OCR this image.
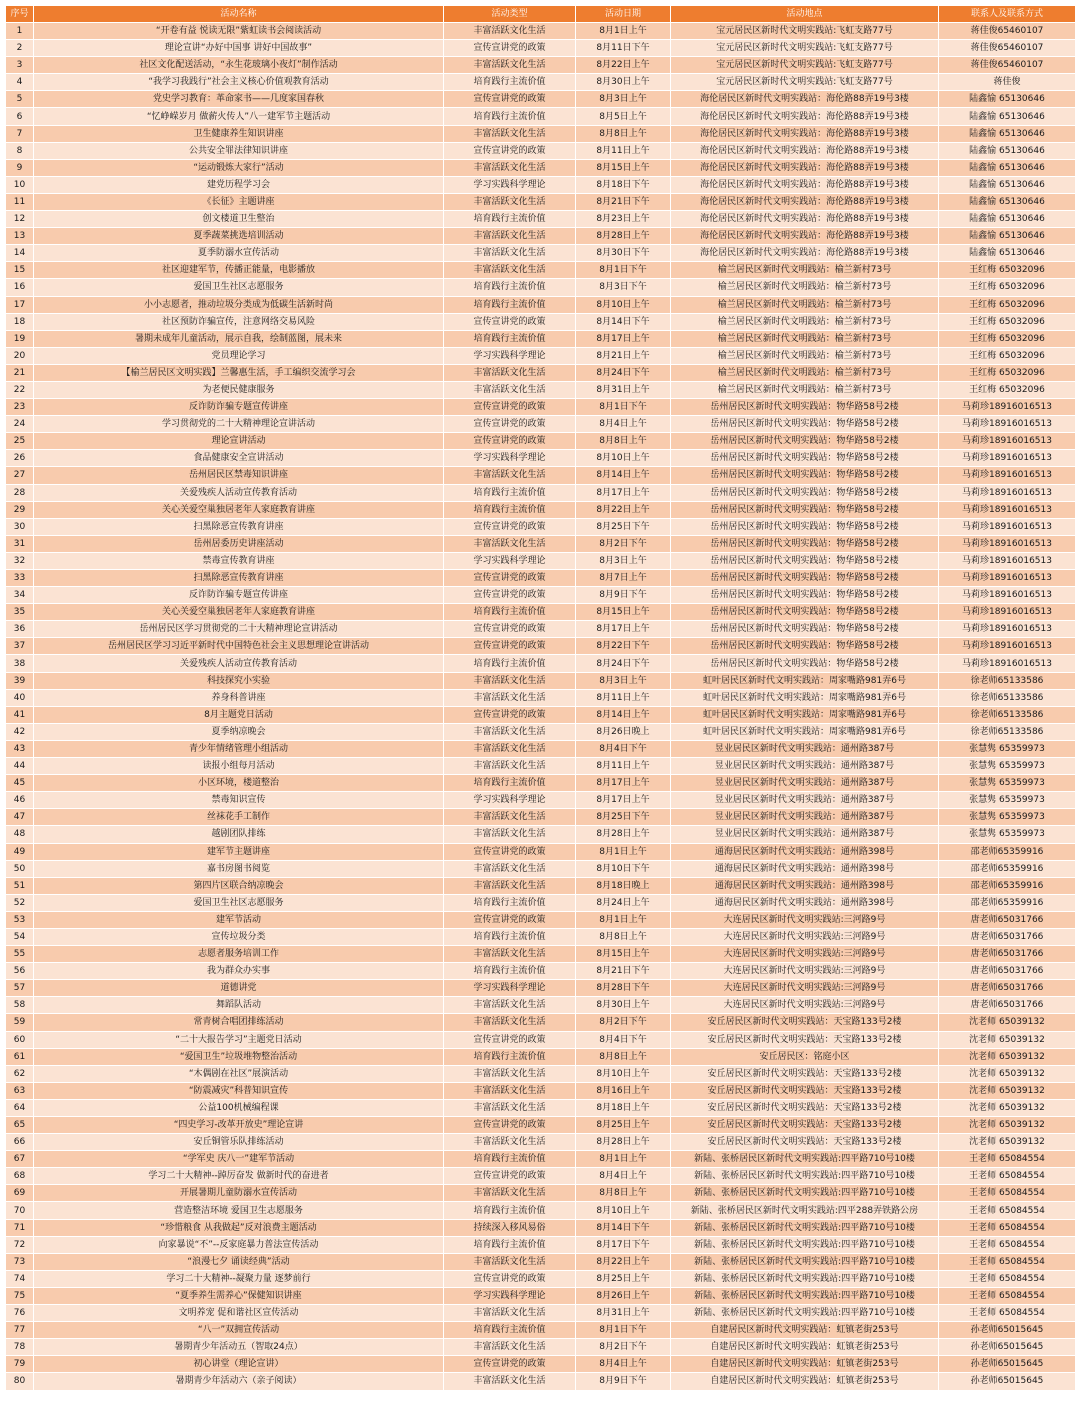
序号	活动名称	活动类型	活动日期	活动地点	联系人及联系方式
1	“开卷有益 悦读无限”紫虹读书会阅读活动	丰富活跃文化生活	8月1日上午	宝元居民区新时代文明实践站:飞虹支路77号	蒋佳俊65460107
2	理论宣讲“办好中国事 讲好中国故事”	宣传宣讲党的政策	8月11日下午	宝元居民区新时代文明实践站:飞虹支路77号	蒋佳俊65460107
3	社区文化配送活动，“永生花玻璃小夜灯”制作活动	丰富活跃文化生活	8月22日上午	宝元居民区新时代文明实践站:飞虹支路77号	蒋佳俊65460107
4	“我学习我践行”社会主义核心价值观教育活动	培育践行主流价值	8月30日上午	宝元居民区新时代文明实践站:飞虹支路77号	蒋佳俊
5	党史学习教育：革命家书——几度家国春秋	宣传宣讲党的政策	8月3日上午	海伦居民区新时代文明实践站：海伦路88弄19号3楼	陆鑫愉 65130646
6	“忆峥嵘岁月 做薪火传人”八一建军节主题活动	培育践行主流价值	8月5日上午	海伦居民区新时代文明实践站：海伦路88弄19号3楼	陆鑫愉 65130646
7	卫生健康养生知识讲座	丰富活跃文化生活	8月8日上午	海伦居民区新时代文明实践站：海伦路88弄19号3楼	陆鑫愉 65130646
8	公共安全罪法律知识讲座	宣传宣讲党的政策	8月11日上午	海伦居民区新时代文明实践站：海伦路88弄19号3楼	陆鑫愉 65130646
9	“运动锻炼大家行”活动	丰富活跃文化生活	8月15日上午	海伦居民区新时代文明实践站：海伦路88弄19号3楼	陆鑫愉 65130646
10	建党历程学习会	学习实践科学理论	8月18日下午	海伦居民区新时代文明实践站：海伦路88弄19号3楼	陆鑫愉 65130646
11	《长征》主题讲座	丰富活跃文化生活	8月21日下午	海伦居民区新时代文明实践站：海伦路88弄19号3楼	陆鑫愉 65130646
12	创文楼道卫生整治	培育践行主流价值	8月23日上午	海伦居民区新时代文明实践站：海伦路88弄19号3楼	陆鑫愉 65130646
13	夏季蔬菜挑选培训活动	丰富活跃文化生活	8月28日上午	海伦居民区新时代文明实践站：海伦路88弄19号3楼	陆鑫愉 65130646
14	夏季防溺水宣传活动	丰富活跃文化生活	8月30日下午	海伦居民区新时代文明实践站：海伦路88弄19号3楼	陆鑫愉 65130646
15	社区迎建军节，传播正能量，电影播放	丰富活跃文化生活	8月1日下午	榆兰居民区新时代文明践站：榆兰新村73号	王红梅 65032096
16	爱国卫生社区志愿服务	培育践行主流价值	8月3日下午	榆兰居民区新时代文明践站：榆兰新村73号	王红梅 65032096
17	小小志愿者，推动垃圾分类成为低碳生活新时尚	培育践行主流价值	8月10日上午	榆兰居民区新时代文明践站：榆兰新村73号	王红梅 65032096
18	社区预防诈骗宣传，注意网络交易风险	宣传宣讲党的政策	8月14日下午	榆兰居民区新时代文明践站：榆兰新村73号	王红梅 65032096
19	暑期未成年儿童活动，展示自我，绘制蓝图，展未来	培育践行主流价值	8月17日上午	榆兰居民区新时代文明践站：榆兰新村73号	王红梅 65032096
20	党员理论学习	学习实践科学理论	8月21日上午	榆兰居民区新时代文明践站：榆兰新村73号	王红梅 65032096
21	【榆兰居民区文明实践】兰馨惠生活，手工编织交流学习会	丰富活跃文化生活	8月24日下午	榆兰居民区新时代文明践站：榆兰新村73号	王红梅 65032096
22	为老便民健康服务	丰富活跃文化生活	8月31日上午	榆兰居民区新时代文明践站：榆兰新村73号	王红梅 65032096
23	反诈防诈骗专题宣传讲座	宣传宣讲党的政策	8月1日下午	岳州居民区新时代文明实践站：物华路58号2楼	马莉珍18916016513
24	学习贯彻党的二十大精神理论宣讲活动	宣传宣讲党的政策	8月4日上午	岳州居民区新时代文明实践站：物华路58号2楼	马莉珍18916016513
25	理论宣讲活动	宣传宣讲党的政策	8月8日上午	岳州居民区新时代文明实践站：物华路58号2楼	马莉珍18916016513
26	食品健康安全宣讲活动	学习实践科学理论	8月10日上午	岳州居民区新时代文明实践站：物华路58号2楼	马莉珍18916016513
27	岳州居民区禁毒知识讲座	丰富活跃文化生活	8月14日上午	岳州居民区新时代文明实践站：物华路58号2楼	马莉珍18916016513
28	关爱残疾人活动宣传教育活动	培育践行主流价值	8月17日上午	岳州居民区新时代文明实践站：物华路58号2楼	马莉珍18916016513
29	关心关爱空巢独居老年人家庭教育讲座	培育践行主流价值	8月22日上午	岳州居民区新时代文明实践站：物华路58号2楼	马莉珍18916016513
30	扫黑除恶宣传教育讲座	宣传宣讲党的政策	8月25日下午	岳州居民区新时代文明实践站：物华路58号2楼	马莉珍18916016513
31	岳州居委历史讲座活动	丰富活跃文化生活	8月2日下午	岳州居民区新时代文明实践站：物华路58号2楼	马莉珍18916016513
32	禁毒宣传教育讲座	学习实践科学理论	8月3日上午	岳州居民区新时代文明实践站：物华路58号2楼	马莉珍18916016513
33	扫黑除恶宣传教育讲座	宣传宣讲党的政策	8月7日上午	岳州居民区新时代文明实践站：物华路58号2楼	马莉珍18916016513
34	反诈防诈骗专题宣传讲座	宣传宣讲党的政策	8月9日下午	岳州居民区新时代文明实践站：物华路58号2楼	马莉珍18916016513
35	关心关爱空巢独居老年人家庭教育讲座	培育践行主流价值	8月15日上午	岳州居民区新时代文明实践站：物华路58号2楼	马莉珍18916016513
36	岳州居民区学习贯彻党的二十大精神理论宣讲活动	宣传宣讲党的政策	8月17日上午	岳州居民区新时代文明实践站：物华路58号2楼	马莉珍18916016513
37	岳州居民区学习习近平新时代中国特色社会主义思想理论宣讲活动	宣传宣讲党的政策	8月22日下午	岳州居民区新时代文明实践站：物华路58号2楼	马莉珍18916016513
38	关爱残疾人活动宣传教育活动	培育践行主流价值	8月24日下午	岳州居民区新时代文明实践站：物华路58号2楼	马莉珍18916016513
39	科技探究小实验	丰富活跃文化生活	8月3日上午	虹叶居民区新时代文明实践站：周家嘴路981弄6号	徐老师65133586
40	养身科普讲座	丰富活跃文化生活	8月11日上午	虹叶居民区新时代文明实践站：周家嘴路981弄6号	徐老师65133586
41	8月主题党日活动	宣传宣讲党的政策	8月14日上午	虹叶居民区新时代文明实践站：周家嘴路981弄6号	徐老师65133586
42	夏季纳凉晚会	丰富活跃文化生活	8月26日晚上	虹叶居民区新时代文明实践站：周家嘴路981弄6号	徐老师65133586
43	青少年情绪管理小组活动	丰富活跃文化生活	8月4日下午	昱业居民区新时代文明实践站：通州路387号	张慧隽 65359973
44	读报小组每月活动	丰富活跃文化生活	8月11日上午	昱业居民区新时代文明实践站：通州路387号	张慧隽 65359973
45	小区环境，楼道整治	培育践行主流价值	8月17日上午	昱业居民区新时代文明实践站：通州路387号	张慧隽 65359973
46	禁毒知识宣传	学习实践科学理论	8月17日上午	昱业居民区新时代文明实践站：通州路387号	张慧隽 65359973
47	丝袜花手工制作	丰富活跃文化生活	8月25日下午	昱业居民区新时代文明实践站：通州路387号	张慧隽 65359973
48	越剧团队排练	丰富活跃文化生活	8月28日上午	昱业居民区新时代文明实践站：通州路387号	张慧隽 65359973
49	建军节主题讲座	宣传宣讲党的政策	8月1日上午	通海居民区新时代文明实践站：通州路398号	邵老师65359916
50	嘉书房图书阅览	丰富活跃文化生活	8月10日下午	通海居民区新时代文明实践站：通州路398号	邵老师65359916
51	第四片区联合纳凉晚会	丰富活跃文化生活	8月18日晚上	通海居民区新时代文明实践站：通州路398号	邵老师65359916
52	爱国卫生社区志愿服务	培育践行主流价值	8月24日上午	通海居民区新时代文明实践站：通州路398号	邵老师65359916
53	建军节活动	宣传宣讲党的政策	8月1日上午	大连居民区新时代文明实践站:三河路9号	唐老师65031766
54	宣传垃圾分类	培育践行主流价值	8月8日上午	大连居民区新时代文明实践站:三河路9号	唐老师65031766
55	志愿者服务培训工作	丰富活跃文化生活	8月15日上午	大连居民区新时代文明实践站:三河路9号	唐老师65031766
56	我为群众办实事	培育践行主流价值	8月21日下午	大连居民区新时代文明实践站:三河路9号	唐老师65031766
57	道德讲党	学习实践科学理论	8月28日下午	大连居民区新时代文明实践站:三河路9号	唐老师65031766
58	舞蹈队活动	丰富活跃文化生活	8月30日上午	大连居民区新时代文明实践站:三河路9号	唐老师65031766
59	常青树合唱团排练活动	丰富活跃文化生活	8月2日下午	安丘居民区新时代文明实践站：天宝路133号2楼	沈老师 65039132
60	“二十大报告学习”主题党日活动	宣传宣讲党的政策	8月4日下午	安丘居民区新时代文明实践站：天宝路133号2楼	沈老师 65039132
61	“爱国卫生”垃圾堆物整治活动	培育践行主流价值	8月8日上午	安丘居民区：铭庭小区	沈老师 65039132
62	“木偶剧在社区”展演活动	丰富活跃文化生活	8月10日上午	安丘居民区新时代文明实践站：天宝路133号2楼	沈老师 65039132
63	“防震减灾”科普知识宣传	丰富活跃文化生活	8月16日上午	安丘居民区新时代文明实践站：天宝路133号2楼	沈老师 65039132
64	公益100机械编程课	丰富活跃文化生活	8月18日上午	安丘居民区新时代文明实践站：天宝路133号2楼	沈老师 65039132
65	“四史学习-改革开放史”理论宣讲	宣传宣讲党的政策	8月25日上午	安丘居民区新时代文明实践站：天宝路133号2楼	沈老师 65039132
66	安丘铜管乐队排练活动	丰富活跃文化生活	8月28日上午	安丘居民区新时代文明实践站：天宝路133号2楼	沈老师 65039132
67	“学军史 庆八一”建军节活动	培育践行主流价值	8月1日上午	新陆、张桥居民区新时代文明实践站:四平路710号10楼	王老师 65084554
68	学习二十大精神--踔厉奋发 做新时代的奋进者	宣传宣讲党的政策	8月4日上午	新陆、张桥居民区新时代文明实践站:四平路710号10楼	王老师 65084554
69	开展暑期儿童防溺水宣传活动	丰富活跃文化生活	8月8日上午	新陆、张桥居民区新时代文明实践站:四平路710号10楼	王老师 65084554
70	营造整洁环境 爱国卫生志愿服务	培育践行主流价值	8月10日上午	新陆、张桥居民区新时代文明实践站:四平288弄铁路公房	王老师 65084554
71	“珍惜粮食 从我做起”反对浪费主题活动	持续深入移风易俗	8月14日下午	新陆、张桥居民区新时代文明实践站:四平路710号10楼	王老师 65084554
72	向家暴说“不”--反家庭暴力普法宣传活动	培育践行主流价值	8月17日下午	新陆、张桥居民区新时代文明实践站:四平路710号10楼	王老师 65084554
73	“浪漫七夕 诵读经典”活动	丰富活跃文化生活	8月22日上午	新陆、张桥居民区新时代文明实践站:四平路710号10楼	王老师 65084554
74	学习二十大精神--凝聚力量 逐梦前行	宣传宣讲党的政策	8月25日上午	新陆、张桥居民区新时代文明实践站:四平路710号10楼	王老师 65084554
75	“夏季养生需养心”保健知识讲座	学习实践科学理论	8月26日上午	新陆、张桥居民区新时代文明实践站:四平路710号10楼	王老师 65084554
76	文明养宠 促和谐社区宣传活动	丰富活跃文化生活	8月31日上午	新陆、张桥居民区新时代文明实践站:四平路710号10楼	王老师 65084554
77	“八一”双拥宣传活动	培育践行主流价值	8月1日下午	自建居民区新时代文明实践站：虹镇老街253号	孙老师65015645
78	暑期青少年活动五（智取24点）	丰富活跃文化生活	8月2日下午	自建居民区新时代文明实践站：虹镇老街253号	孙老师65015645
79	初心讲堂（理论宣讲）	宣传宣讲党的政策	8月4日上午	自建居民区新时代文明实践站：虹镇老街253号	孙老师65015645
80	暑期青少年活动六（亲子阅读）	丰富活跃文化生活	8月9日下午	自建居民区新时代文明实践站：虹镇老街253号	孙老师65015645
